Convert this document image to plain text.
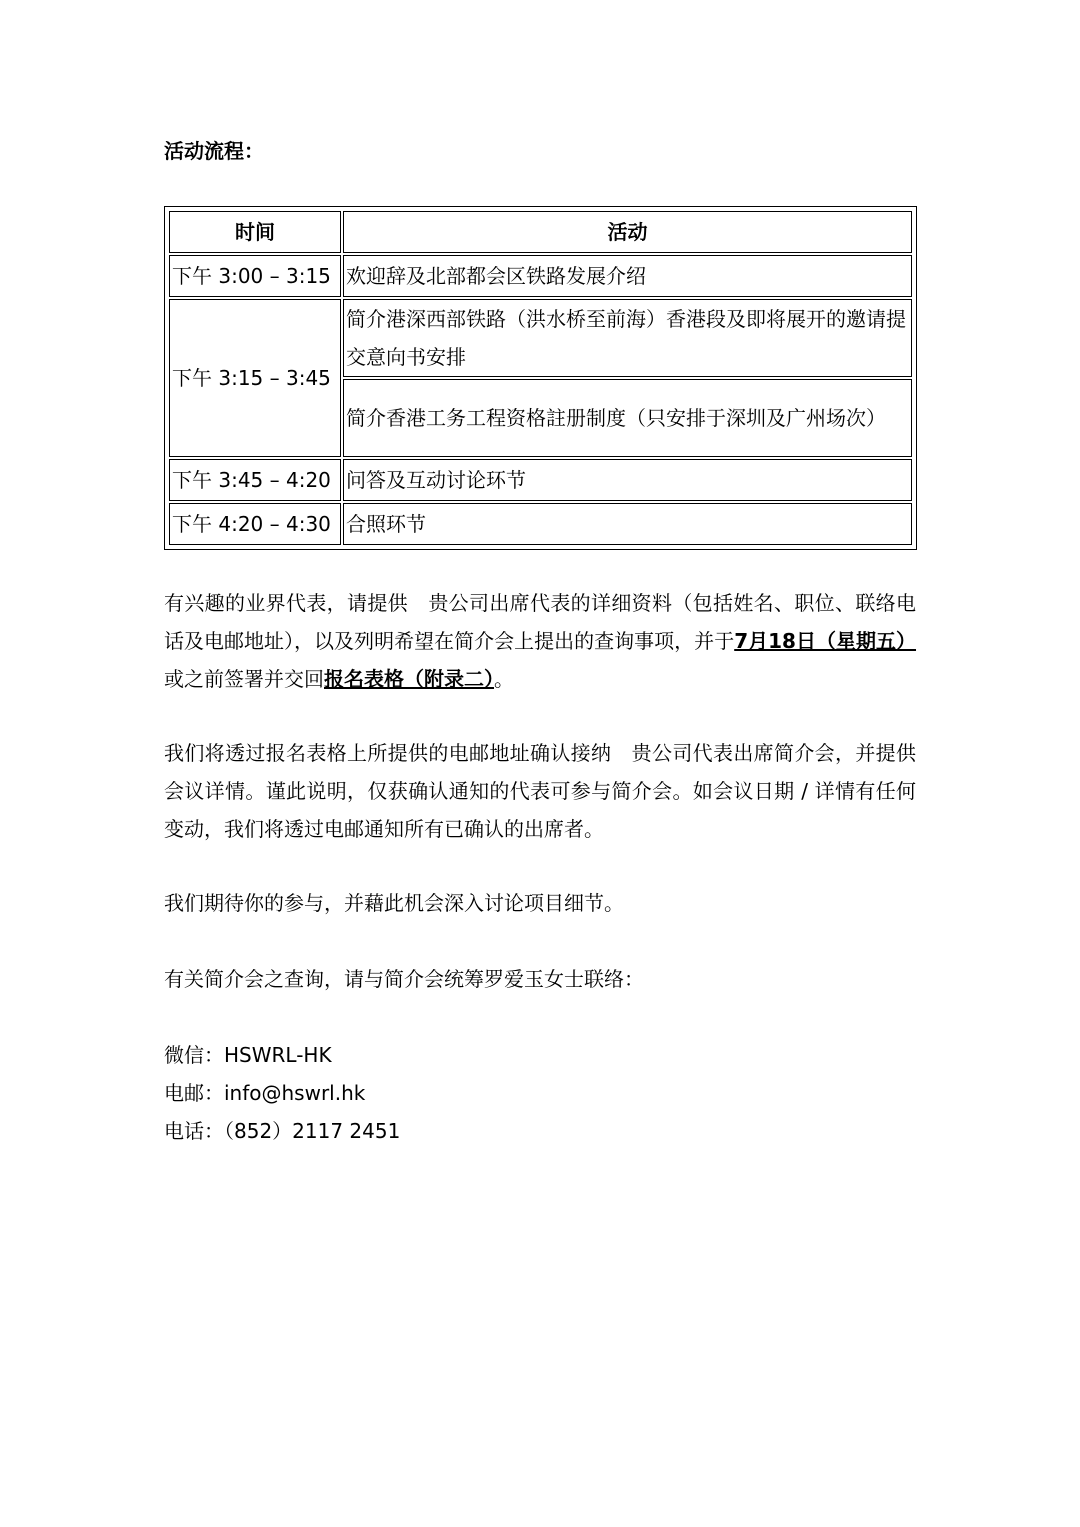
活动流程：
时间	活动
下午 3:00 – 3:15	欢迎辞及北部都会区铁路发展介绍
下午 3:15 – 3:45	简介港深西部铁路（洪水桥至前海）香港段及即将展开的邀请提交意向书安排
	简介香港工务工程资格註册制度（只安排于深圳及广州场次）
下午 3:45 – 4:20	问答及互动讨论环节
下午 4:20 – 4:30	合照环节
有兴趣的业界代表，请提供　贵公司出席代表的详细资料（包括姓名、职位、联络电话及电邮地址），以及列明希望在简介会上提出的查询事项，并于7月18日（星期五）或之前签署并交回报名表格（附录二）。
我们将透过报名表格上所提供的电邮地址确认接纳　贵公司代表出席简介会，并提供会议详情。谨此说明，仅获确认通知的代表可参与简介会。如会议日期 / 详情有任何变动，我们将透过电邮通知所有已确认的出席者。
我们期待你的参与，并藉此机会深入讨论项目细节。
有关简介会之查询，请与简介会统筹罗爱玉女士联络：
微信：HSWRL-HK
电邮：info@hswrl.hk
电话：（852）2117 2451
